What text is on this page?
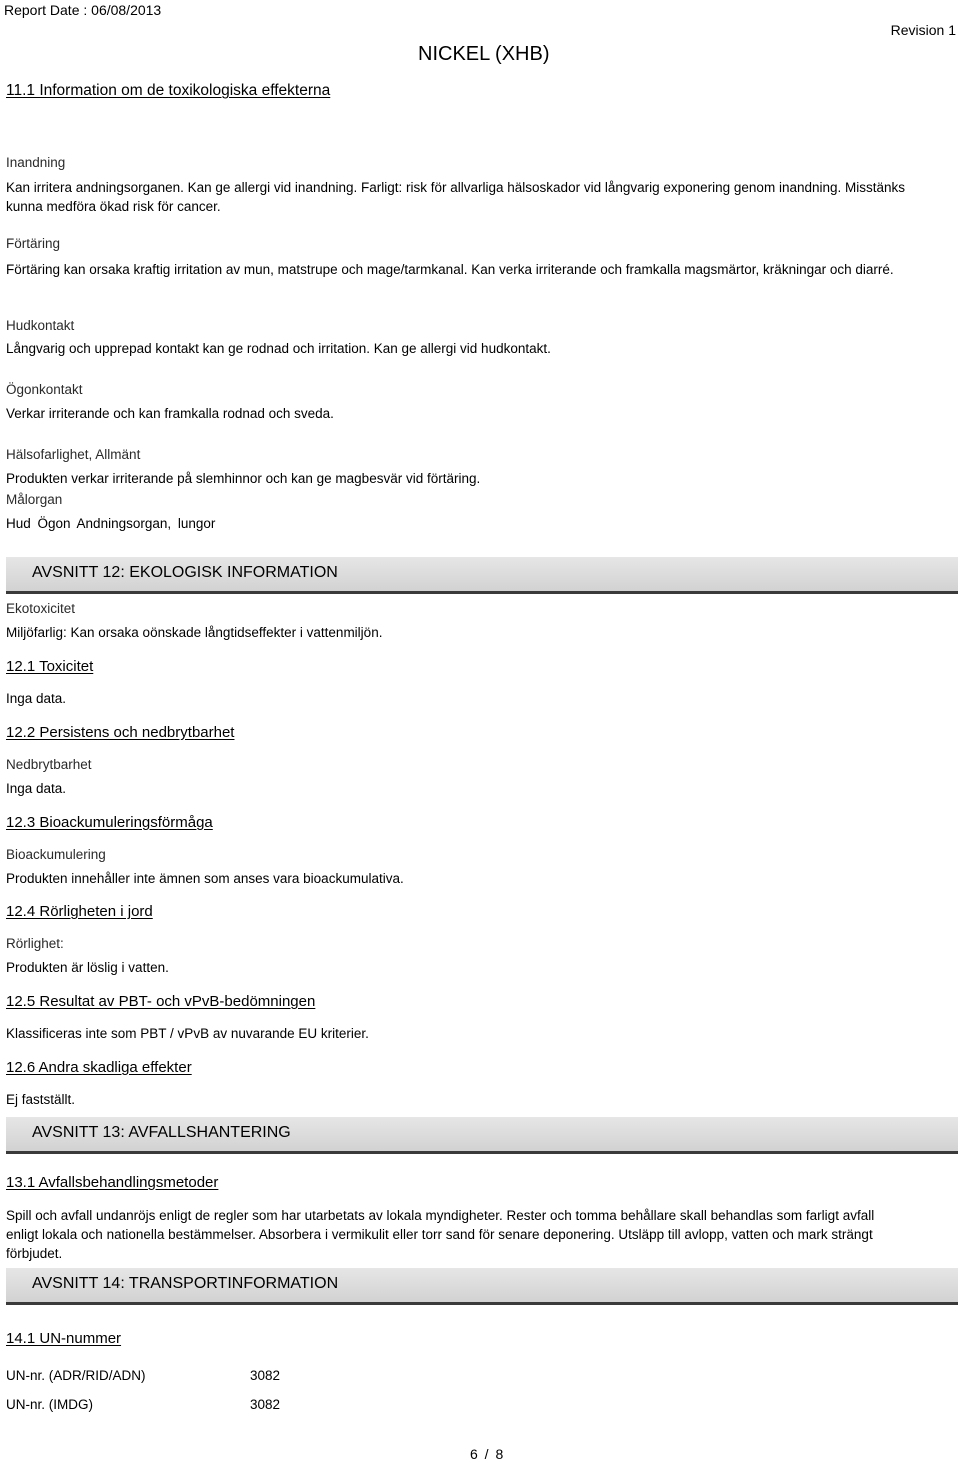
Report Date : 06/08/2013
Revision 1
NICKEL (XHB)
11.1 Information om de toxikologiska effekterna
Inandning
Kan irritera andningsorganen. Kan ge allergi vid inandning. Farligt: risk för allvarliga hälsoskador vid långvarig exponering genom inandning. Misstänks kunna medföra ökad risk för cancer.
Förtäring
Förtäring kan orsaka kraftig irritation av mun, matstrupe och mage/tarmkanal. Kan verka irriterande och framkalla magsmärtor, kräkningar och diarré.
Hudkontakt
Långvarig och upprepad kontakt kan ge rodnad och irritation. Kan ge allergi vid hudkontakt.
Ögonkontakt
Verkar irriterande och kan framkalla rodnad och sveda.
Hälsofarlighet, Allmänt
Produkten verkar irriterande på slemhinnor och kan ge magbesvär vid förtäring.
Målorgan
Hud Ögon Andningsorgan, lungor
AVSNITT 12: EKOLOGISK INFORMATION
Ekotoxicitet
Miljöfarlig: Kan orsaka oönskade långtidseffekter i vattenmiljön.
12.1 Toxicitet
Inga data.
12.2 Persistens och nedbrytbarhet
Nedbrytbarhet
Inga data.
12.3 Bioackumuleringsförmåga
Bioackumulering
Produkten innehåller inte ämnen som anses vara bioackumulativa.
12.4 Rörligheten i jord
Rörlighet:
Produkten är löslig i vatten.
12.5 Resultat av PBT- och vPvB-bedömningen
Klassificeras inte som PBT / vPvB av nuvarande EU kriterier.
12.6 Andra skadliga effekter
Ej fastställt.
AVSNITT 13: AVFALLSHANTERING
13.1 Avfallsbehandlingsmetoder
Spill och avfall undanröjs enligt de regler som har utarbetats av lokala myndigheter. Rester och tomma behållare skall behandlas som farligt avfall enligt lokala och nationella bestämmelser. Absorbera i vermikulit eller torr sand för senare deponering. Utsläpp till avlopp, vatten och mark strängt förbjudet.
AVSNITT 14: TRANSPORTINFORMATION
14.1 UN-nummer
UN-nr. (ADR/RID/ADN)	3082
UN-nr. (IMDG)	3082
6 / 8
